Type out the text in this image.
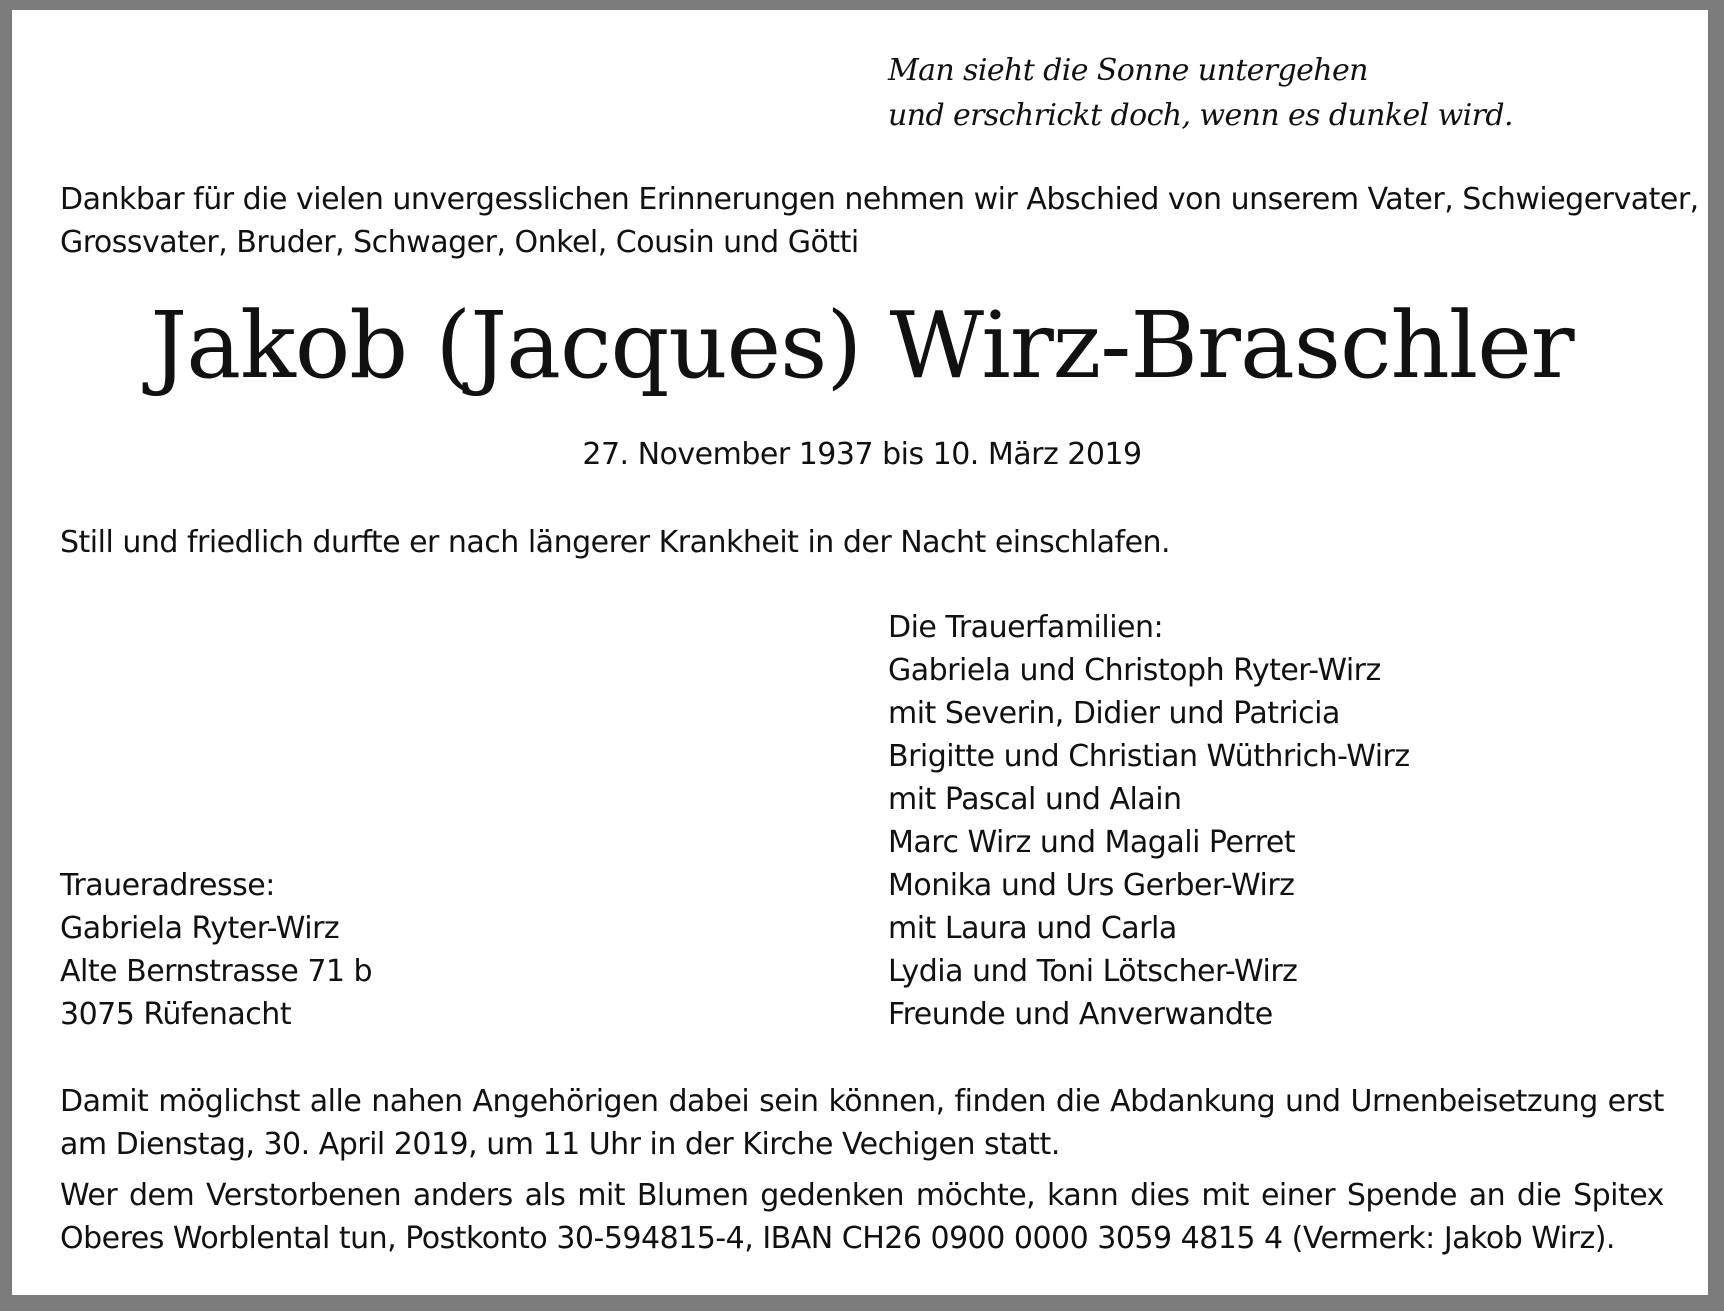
Man sieht die Sonne untergehen
und erschrickt doch, wenn es dunkel wird.
Dankbar für die vielen unvergesslichen Erinnerungen nehmen wir Abschied von unserem Vater, Schwiegervater,
Grossvater, Bruder, Schwager, Onkel, Cousin und Götti
Jakob (Jacques) Wirz-Braschler
27. November 1937 bis 10. März 2019
Still und friedlich durfte er nach längerer Krankheit in der Nacht einschlafen.
Die Trauerfamilien:
Gabriela und Christoph Ryter-Wirz
mit Severin, Didier und Patricia
Brigitte und Christian Wüthrich-Wirz
mit Pascal und Alain
Marc Wirz und Magali Perret
Monika und Urs Gerber-Wirz
mit Laura und Carla
Lydia und Toni Lötscher-Wirz
Freunde und Anverwandte
Traueradresse:
Gabriela Ryter-Wirz
Alte Bernstrasse 71 b
3075 Rüfenacht
Damit möglichst alle nahen Angehörigen dabei sein können, finden die Abdankung und Urnenbeisetzung erst
am Dienstag, 30. April 2019, um 11 Uhr in der Kirche Vechigen statt.
Wer dem Verstorbenen anders als mit Blumen gedenken möchte, kann dies mit einer Spende an die Spitex
Oberes Worblental tun, Postkonto 30-594815-4, IBAN CH26 0900 0000 3059 4815 4 (Vermerk: Jakob Wirz).
